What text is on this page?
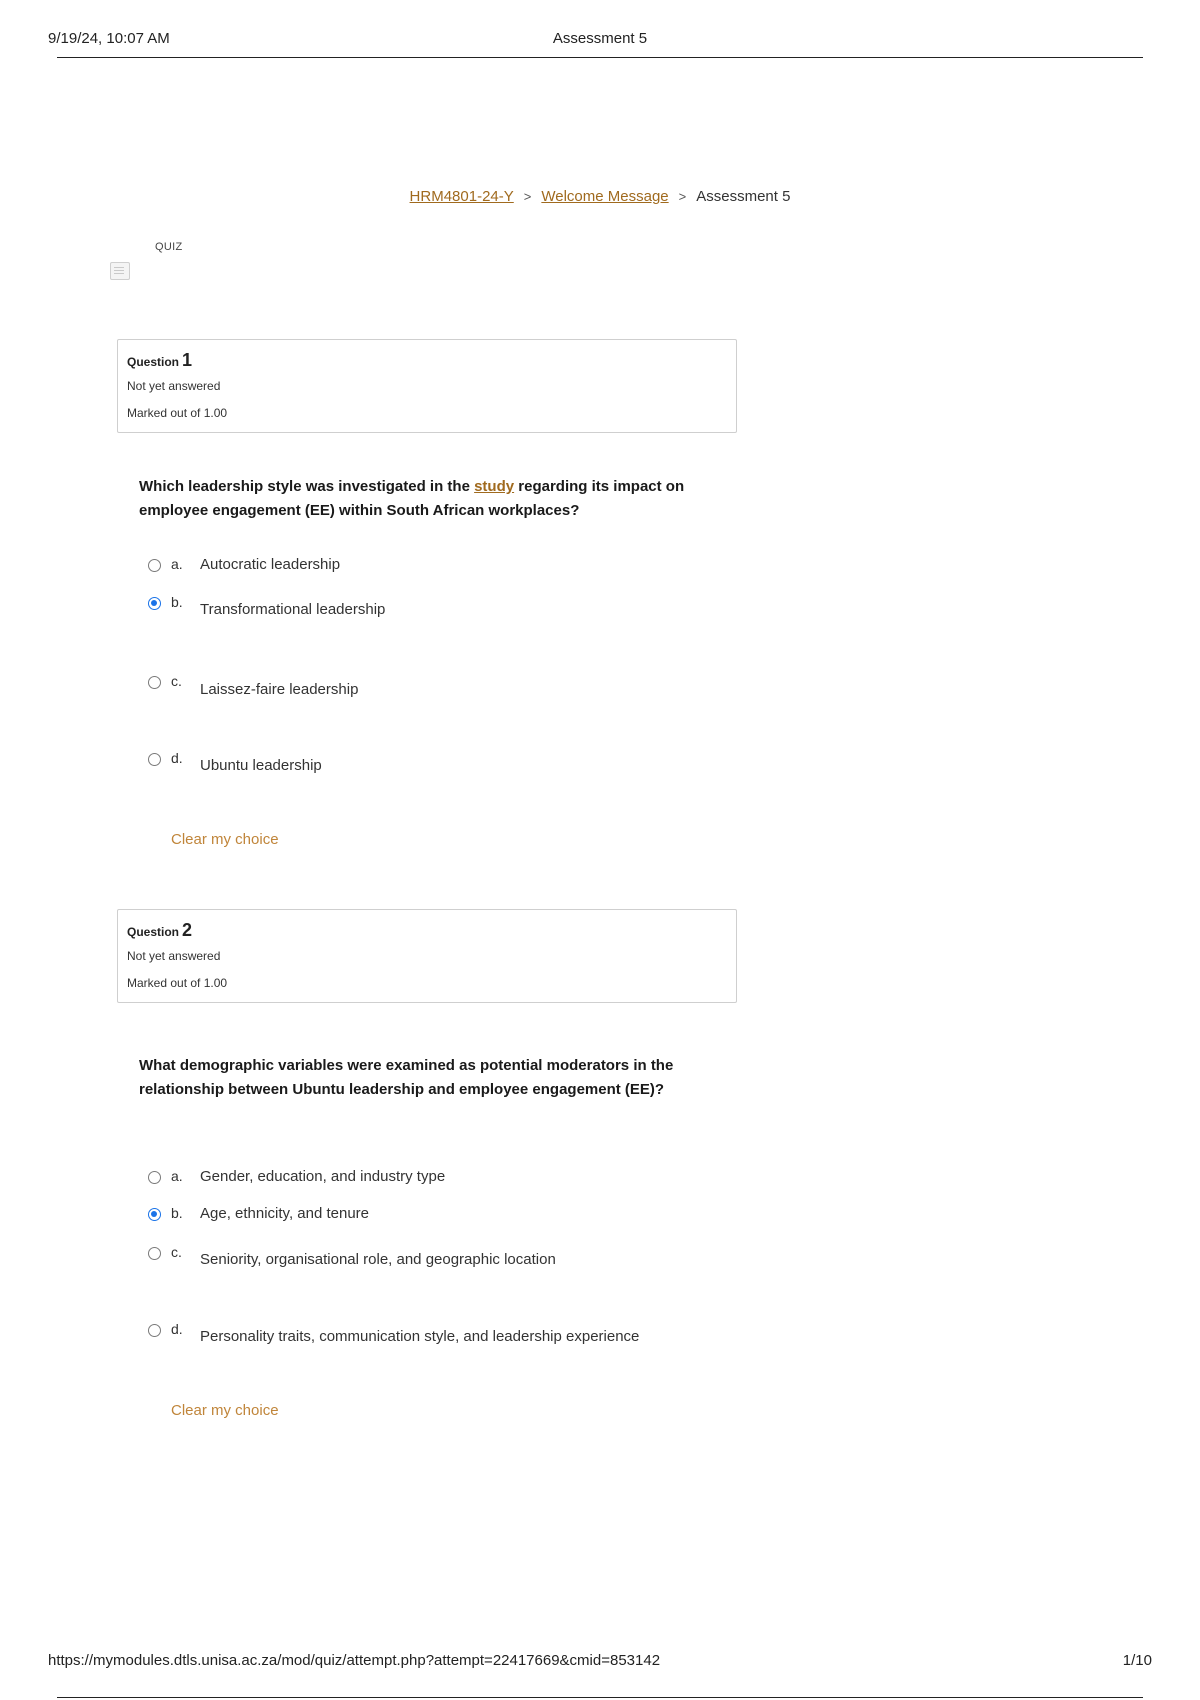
9/19/24, 10:07 AM	Assessment 5
HRM4801-24-Y > Welcome Message > Assessment 5
QUIZ
Question 1
Not yet answered
Marked out of 1.00
Which leadership style was investigated in the study regarding its impact on employee engagement (EE) within South African workplaces?
a. Autocratic leadership
b. Transformational leadership
c. Laissez-faire leadership
d. Ubuntu leadership
Clear my choice
Question 2
Not yet answered
Marked out of 1.00
What demographic variables were examined as potential moderators in the
relationship between Ubuntu leadership and employee engagement (EE)?
a. Gender, education, and industry type
b. Age, ethnicity, and tenure
c. Seniority, organisational role, and geographic location
d. Personality traits, communication style, and leadership experience
Clear my choice
https://mymodules.dtls.unisa.ac.za/mod/quiz/attempt.php?attempt=22417669&cmid=853142	1/10
